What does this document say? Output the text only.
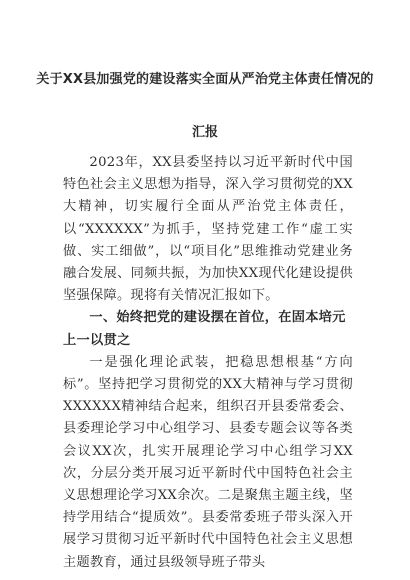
关于XX县加强党的建设落实全面从严治党主体责任情况的
汇报

2023年，XX县委坚持以习近平新时代中国特色社会主义思想为指导，深入学习贯彻党的XX大精神，切实履行全面从严治党主体责任，以“XXXXXX”为抓手，坚持党建工作“虚工实做、实工细做”，以“项目化”思维推动党建业务融合发展、同频共振，为加快XX现代化建设提供坚强保障。现将有关情况汇报如下。

一、始终把党的建设摆在首位，在固本培元上一以贯之

一是强化理论武装，把稳思想根基“方向标”。坚持把学习贯彻党的XX大精神与学习贯彻XXXXXX精神结合起来，组织召开县委常委会、县委理论学习中心组学习、县委专题会议等各类会议XX次，扎实开展理论学习中心组学习XX次，分层分类开展习近平新时代中国特色社会主义思想理论学习XX余次。二是聚焦主题主线，坚持学用结合“提质效”。县委常委班子带头深入开展学习贯彻习近平新时代中国特色社会主义思想主题教育，通过县级领导班子带头
